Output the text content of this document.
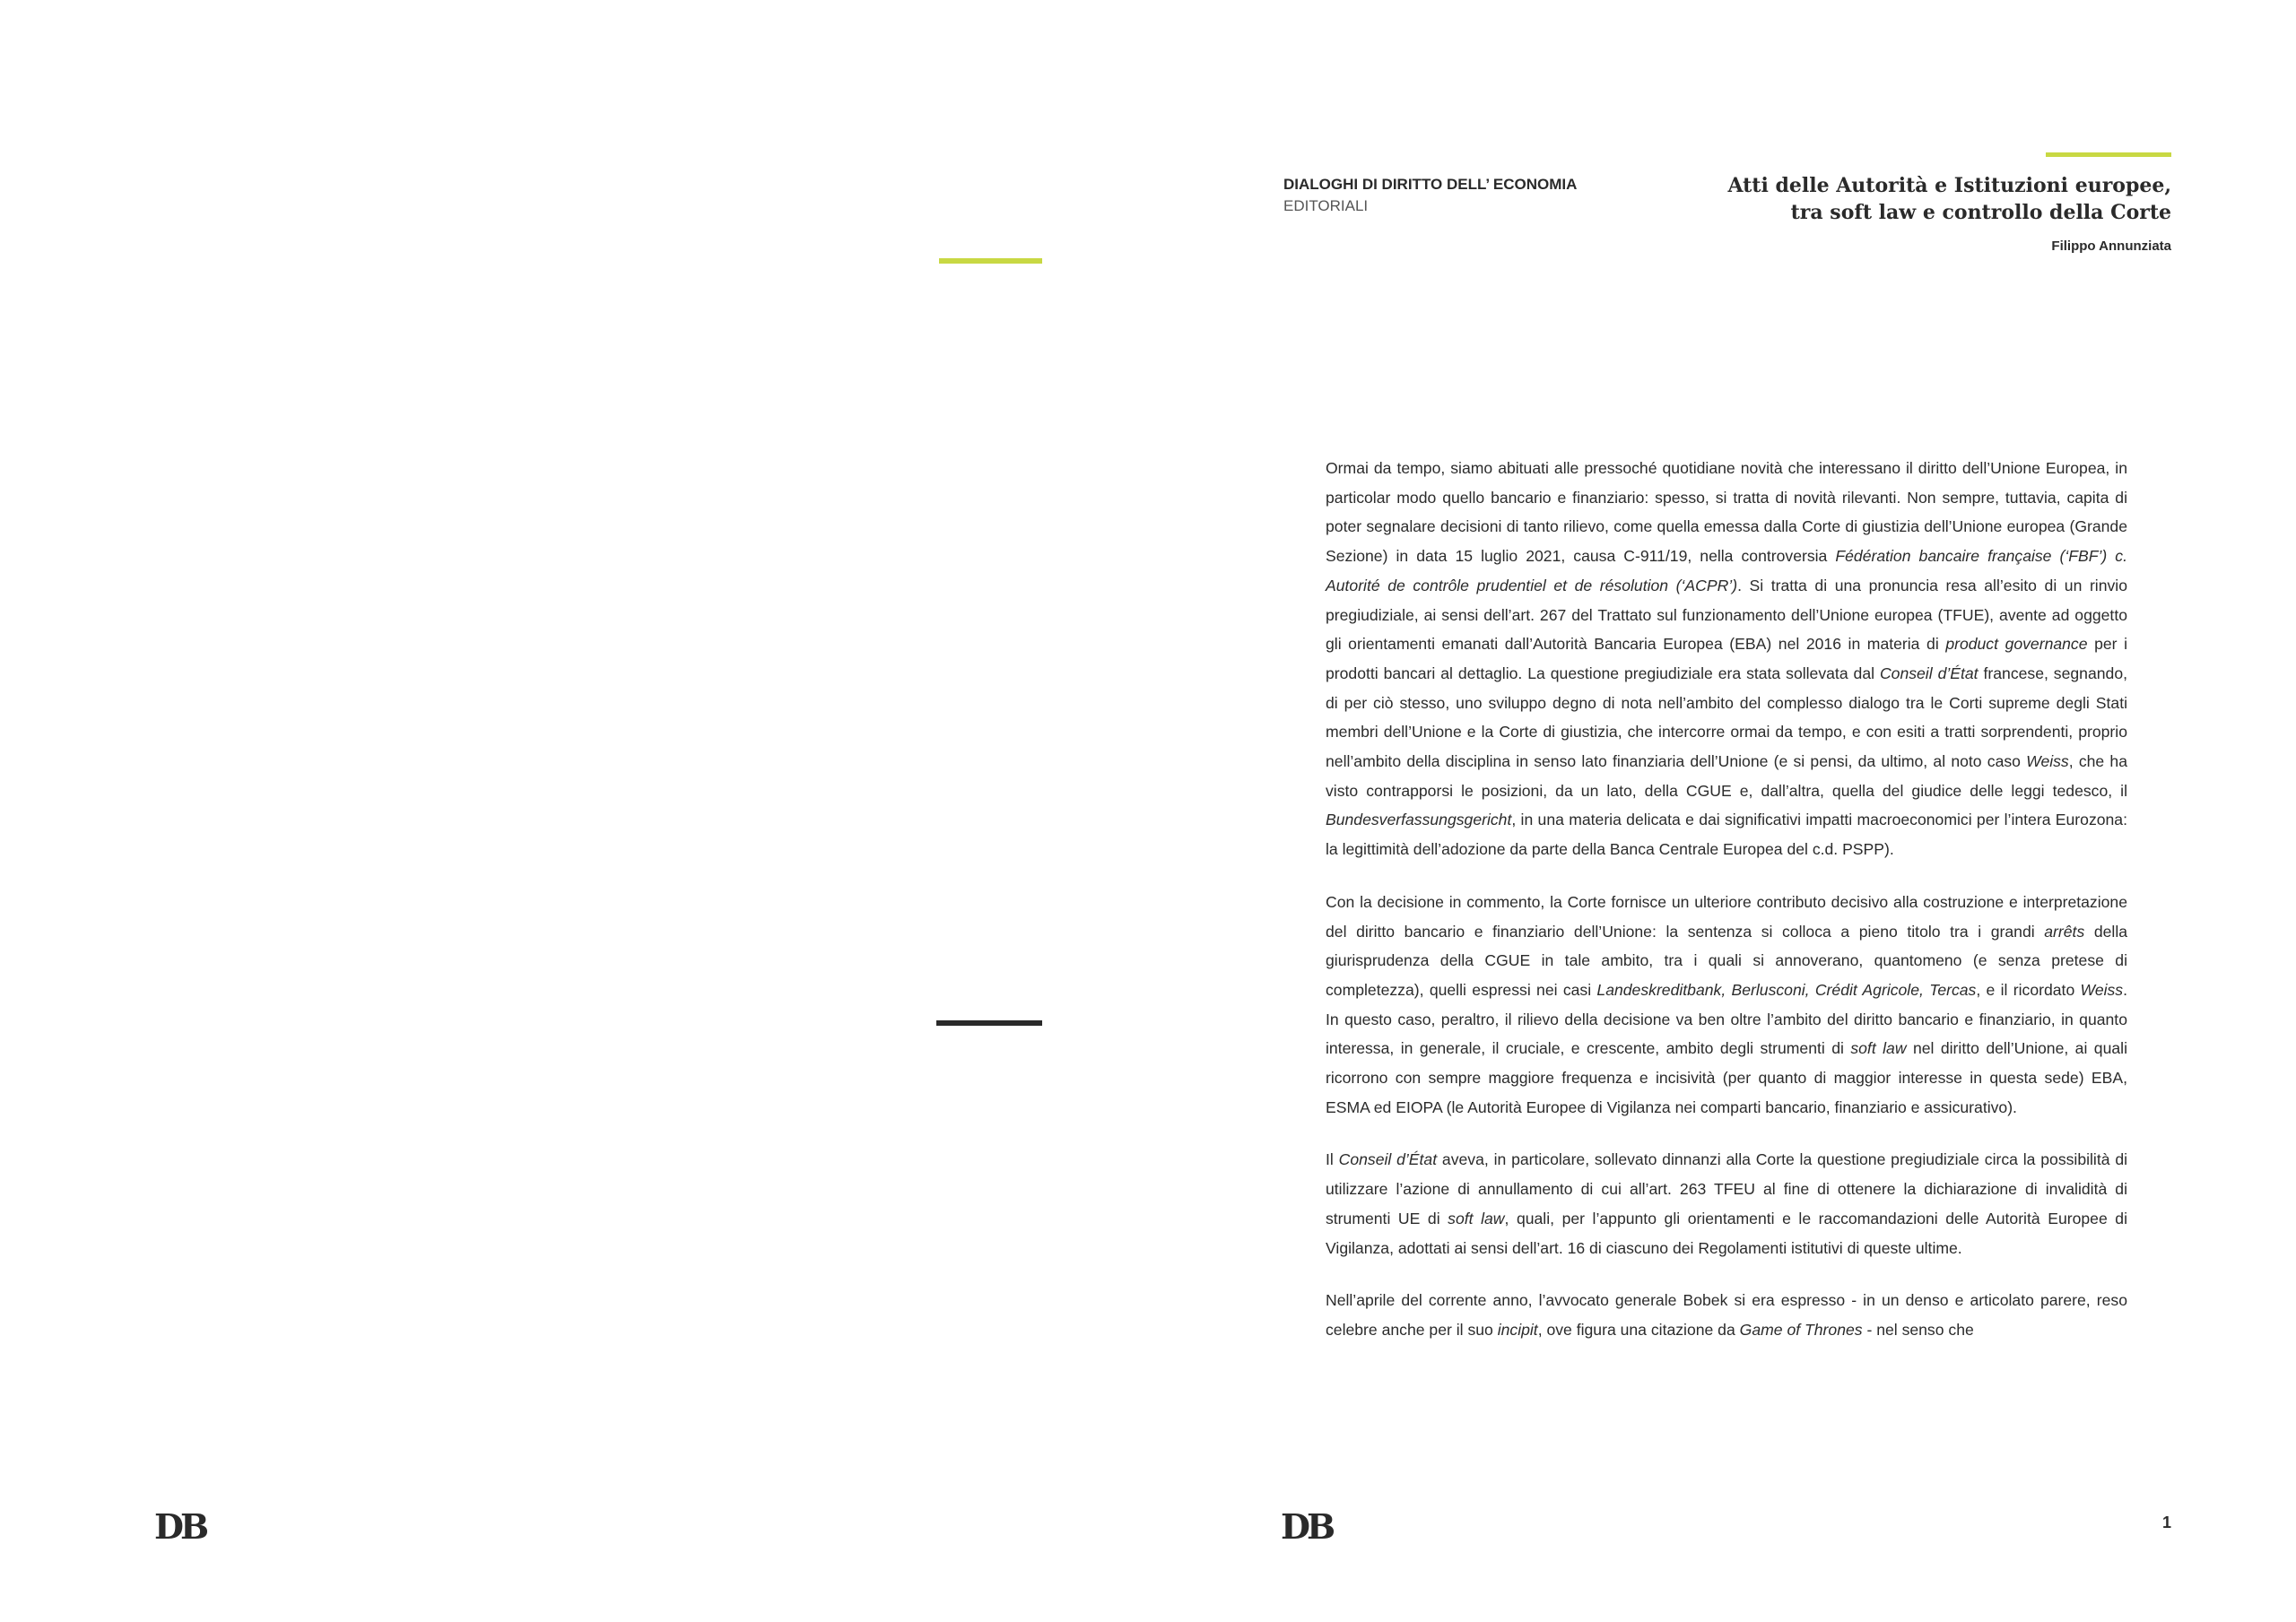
DB
DIALOGHI DI DIRITTO DELL’ ECONOMIA
EDITORIALI
Atti delle Autorità e Istituzioni europee,
tra soft law e controllo della Corte
Filippo Annunziata

Ormai da tempo, siamo abituati alle pressoché quotidiane novità che interessano il diritto dell’Unione Europea, in particolar modo quello bancario e finanziario: spesso, si tratta di novità rilevanti. Non sempre, tuttavia, capita di poter segnalare decisioni di tanto rilievo, come quella emessa dalla Corte di giustizia dell’Unione europea (Grande Sezione) in data 15 luglio 2021, causa C-911/19, nella controversia Fédération bancaire française (‘FBF’) c. Autorité de contrôle prudentiel et de résolution (‘ACPR’). Si tratta di una pronuncia resa all’esito di un rinvio pregiudiziale, ai sensi dell’art. 267 del Trattato sul funzionamento dell’Unione europea (TFUE), avente ad oggetto gli orientamenti emanati dall’Autorità Bancaria Europea (EBA) nel 2016 in materia di product governance per i prodotti bancari al dettaglio. La questione pregiudiziale era stata sollevata dal Conseil d’État francese, segnando, di per ciò stesso, uno sviluppo degno di nota nell’ambito del complesso dialogo tra le Corti supreme degli Stati membri dell’Unione e la Corte di giustizia, che intercorre ormai da tempo, e con esiti a tratti sorprendenti, proprio nell’ambito della disciplina in senso lato finanziaria dell’Unione (e si pensi, da ultimo, al noto caso Weiss, che ha visto contrapporsi le posizioni, da un lato, della CGUE e, dall’altra, quella del giudice delle leggi tedesco, il Bundesverfassungsgericht, in una materia delicata e dai significativi impatti macroeconomici per l’intera Eurozona: la legittimità dell’adozione da parte della Banca Centrale Europea del c.d. PSPP).

Con la decisione in commento, la Corte fornisce un ulteriore contributo decisivo alla costruzione e interpretazione del diritto bancario e finanziario dell’Unione: la sentenza si colloca a pieno titolo tra i grandi arrêts della giurisprudenza della CGUE in tale ambito, tra i quali si annoverano, quantomeno (e senza pretese di completezza), quelli espressi nei casi Landeskreditbank, Berlusconi, Crédit Agricole, Tercas, e il ricordato Weiss. In questo caso, peraltro, il rilievo della decisione va ben oltre l’ambito del diritto bancario e finanziario, in quanto interessa, in generale, il cruciale, e crescente, ambito degli strumenti di soft law nel diritto dell’Unione, ai quali ricorrono con sempre maggiore frequenza e incisività (per quanto di maggior interesse in questa sede) EBA, ESMA ed EIOPA (le Autorità Europee di Vigilanza nei comparti bancario, finanziario e assicurativo).

Il Conseil d’État aveva, in particolare, sollevato dinnanzi alla Corte la questione pregiudiziale circa la possibilità di utilizzare l’azione di annullamento di cui all’art. 263 TFEU al fine di ottenere la dichiarazione di invalidità di strumenti UE di soft law, quali, per l’appunto gli orientamenti e le raccomandazioni delle Autorità Europee di Vigilanza, adottati ai sensi dell’art. 16 di ciascuno dei Regolamenti istitutivi di queste ultime.

Nell’aprile del corrente anno, l’avvocato generale Bobek si era espresso - in un denso e articolato parere, reso celebre anche per il suo incipit, ove figura una citazione da Game of Thrones - nel senso che

DB	1
